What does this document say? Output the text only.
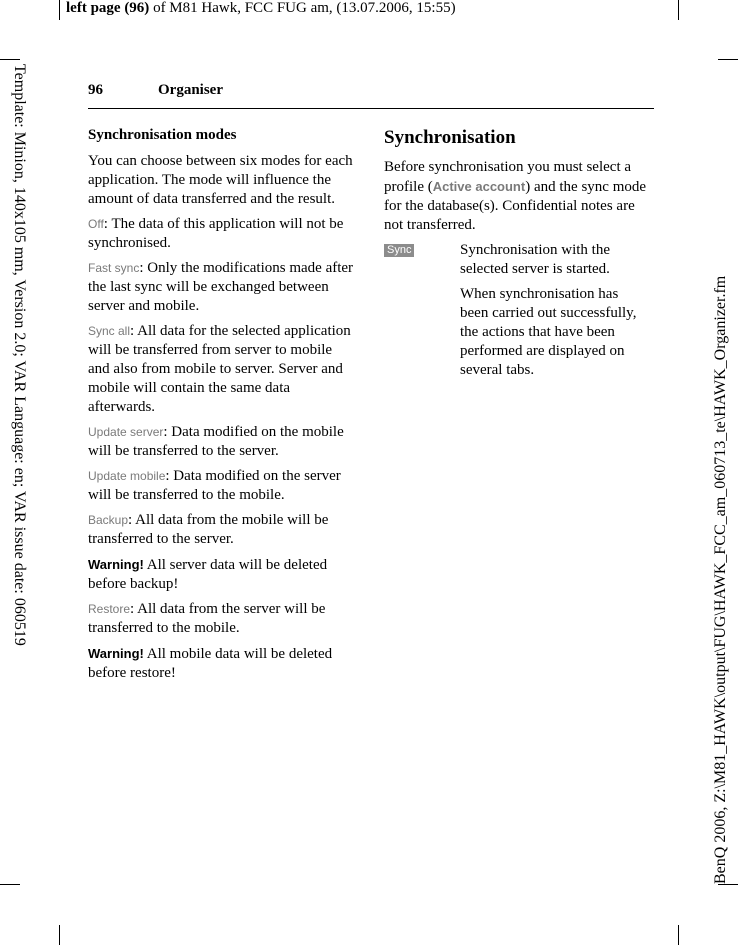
left page (96) of M81 Hawk, FCC FUG am, (13.07.2006, 15:55)
Template: Minion, 140x105 mm, Version 2.0; VAR Language: en; VAR issue date: 060519	BenQ 2006, Z:\M81_HAWK\output\FUG\HAWK_FCC_am_060713_te\HAWK_Organizer.fm
96	Organiser
Synchronisation modes

You can choose between six modes for each application. The mode will influence the amount of data transferred and the result.

Off: The data of this application will not be synchronised.

Fast sync: Only the modifications made after the last sync will be exchanged between server and mobile.

Sync all: All data for the selected application will be transferred from server to mobile and also from mobile to server. Server and mobile will contain the same data afterwards.

Update server: Data modified on the mobile will be transferred to the server.

Update mobile: Data modified on the server will be transferred to the mobile.

Backup: All data from the mobile will be transferred to the server.

Warning! All server data will be deleted before backup!

Restore: All data from the server will be transferred to the mobile.

Warning! All mobile data will be deleted before restore!

Synchronisation

Before synchronisation you must select a profile (Active account) and the sync mode for the database(s). Confidential notes are not transferred.

Sync	Synchronisation with the selected server is started.

When synchronisation has been carried out successfully, the actions that have been performed are displayed on several tabs.
